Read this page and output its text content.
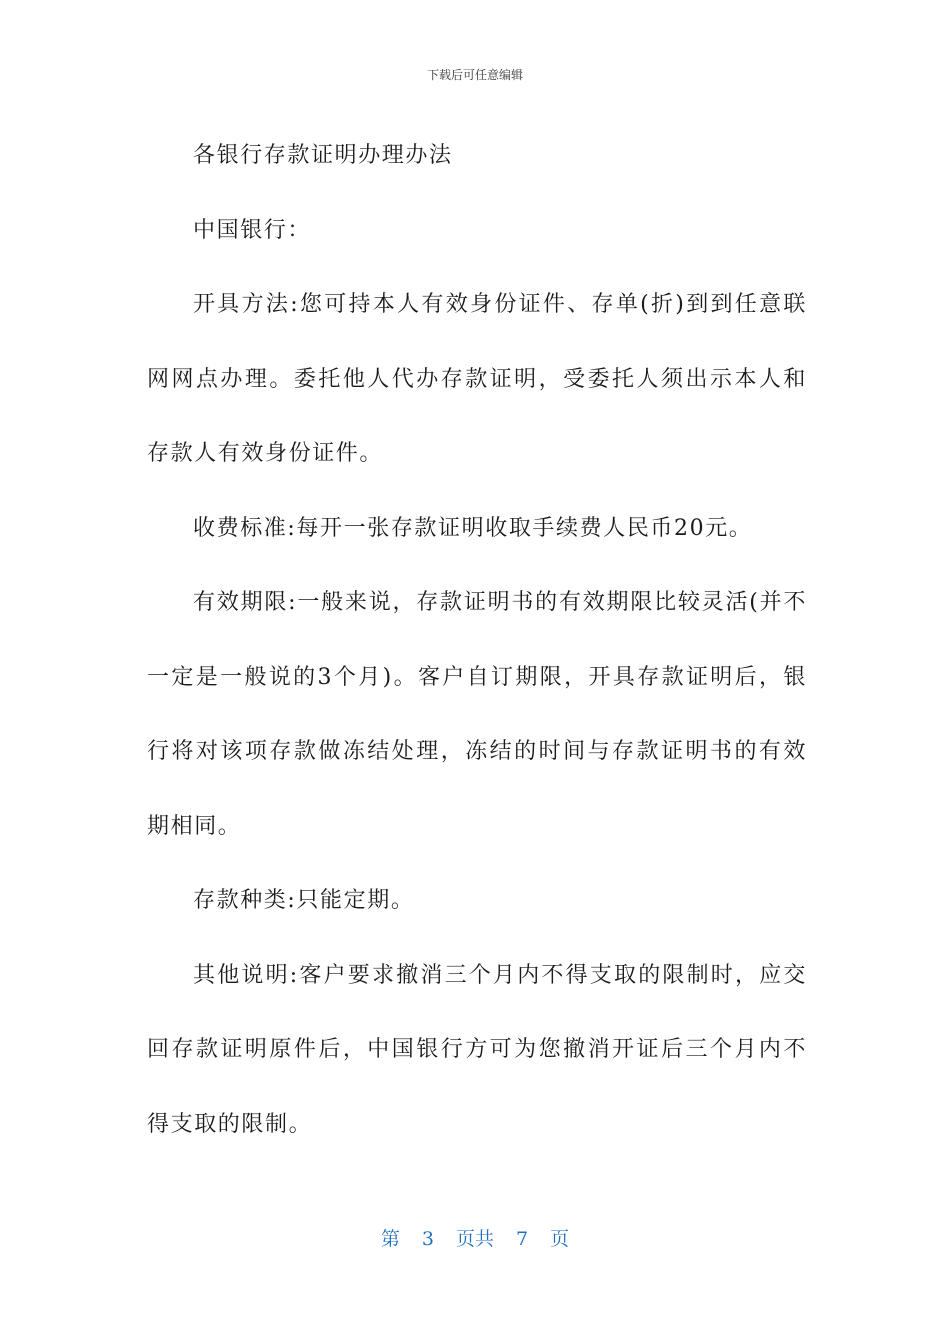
下载后可任意编辑

各银行存款证明办理办法

中国银行：

开具方法:您可持本人有效身份证件、存单(折)到到任意联网网点办理。委托他人代办存款证明，受委托人须出示本人和存款人有效身份证件。

收费标准:每开一张存款证明收取手续费人民币20元。

有效期限:一般来说，存款证明书的有效期限比较灵活(并不一定是一般说的3个月)。客户自订期限，开具存款证明后，银行将对该项存款做冻结处理，冻结的时间与存款证明书的有效期相同。

存款种类:只能定期。

其他说明:客户要求撤消三个月内不得支取的限制时，应交回存款证明原件后，中国银行方可为您撤消开证后三个月内不得支取的限制。

第 3 页共 7 页
